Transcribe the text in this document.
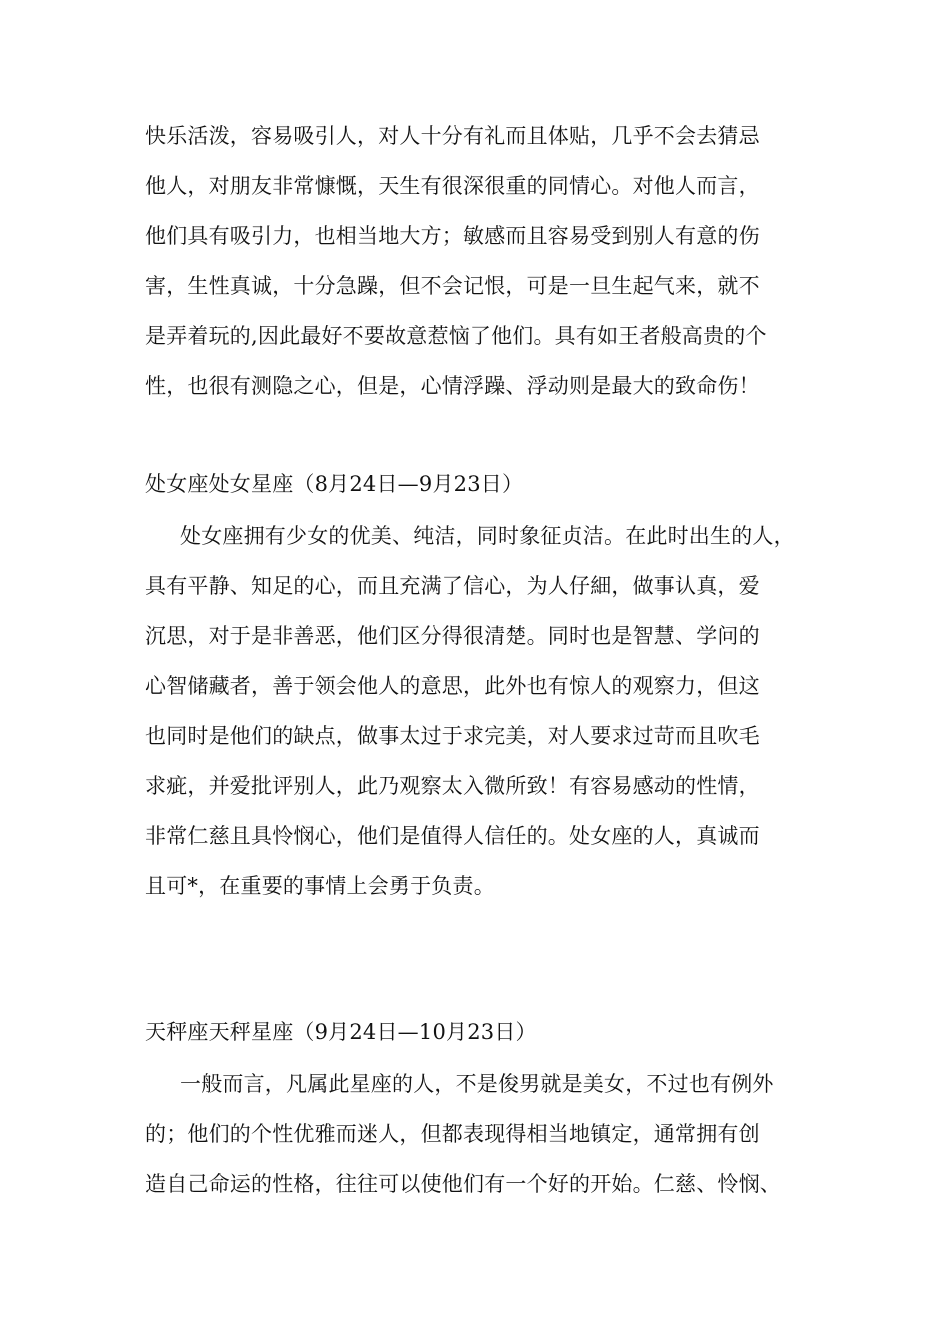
快乐活泼，容易吸引人，对人十分有礼而且体贴，几乎不会去猜忌
他人，对朋友非常慷慨，天生有很深很重的同情心。对他人而言，
他们具有吸引力，也相当地大方；敏感而且容易受到别人有意的伤
害，生性真诚，十分急躁，但不会记恨，可是一旦生起气来，就不
是弄着玩的,因此最好不要故意惹恼了他们。具有如王者般高贵的个
性，也很有测隐之心，但是，心情浮躁、浮动则是最大的致命伤！
处女座处女星座（8月24日—9月23日）
处女座拥有少女的优美、纯洁，同时象征贞洁。在此时出生的人，
具有平静、知足的心，而且充满了信心，为人仔細，做事认真，爱
沉思，对于是非善恶，他们区分得很清楚。同时也是智慧、学问的
心智储藏者，善于领会他人的意思，此外也有惊人的观察力，但这
也同时是他们的缺点，做事太过于求完美，对人要求过苛而且吹毛
求疵，并爱批评别人，此乃观察太入微所致！有容易感动的性情，
非常仁慈且具怜悯心，他们是值得人信任的。处女座的人，真诚而
且可*，在重要的事情上会勇于负责。
天秤座天秤星座（9月24日—10月23日）
一般而言，凡属此星座的人，不是俊男就是美女，不过也有例外
的；他们的个性优雅而迷人，但都表现得相当地镇定，通常拥有创
造自己命运的性格，往往可以使他们有一个好的开始。仁慈、怜悯、
